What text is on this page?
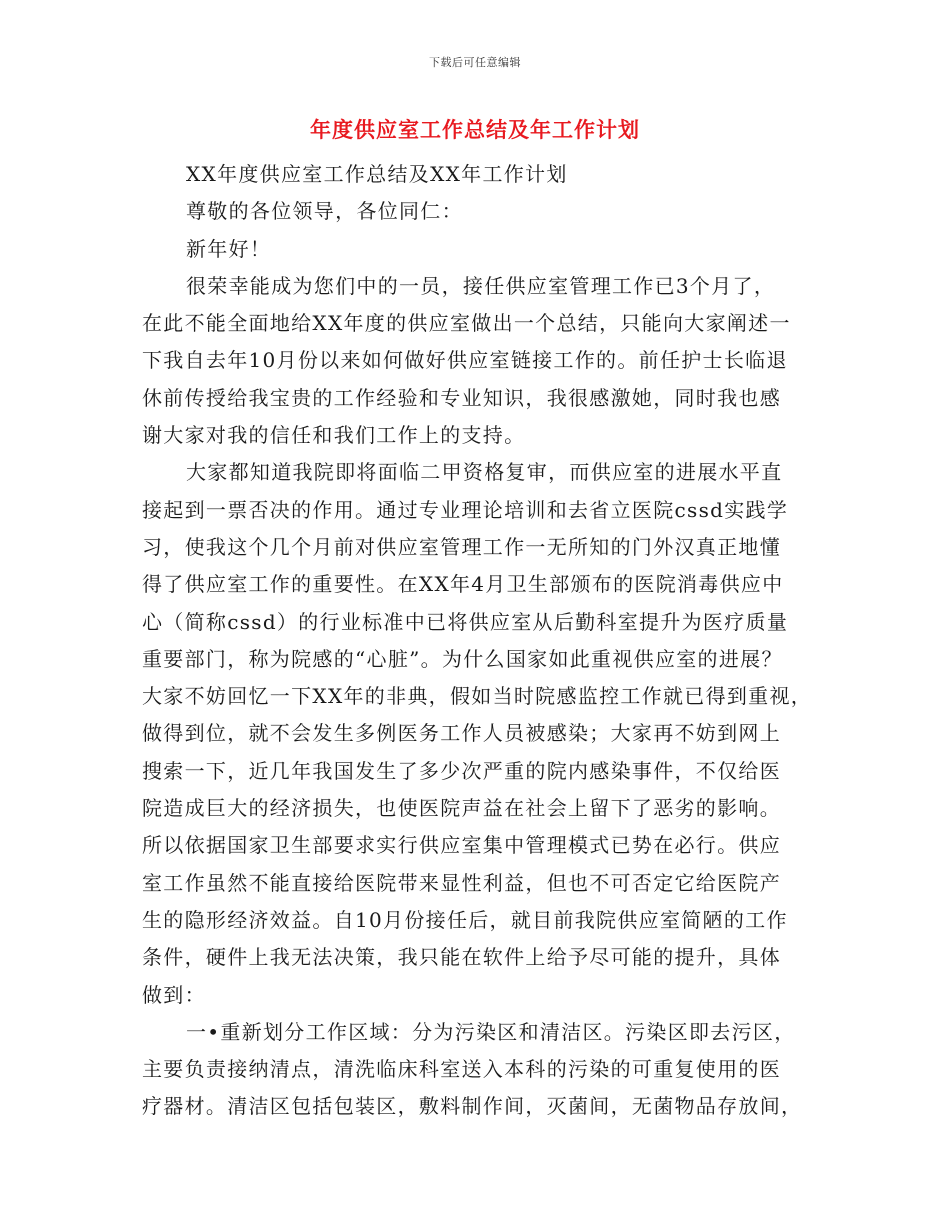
下载后可任意编辑
年度供应室工作总结及年工作计划

XX年度供应室工作总结及XX年工作计划

尊敬的各位领导，各位同仁：

新年好！

很荣幸能成为您们中的一员，接任供应室管理工作已3个月了，

在此不能全面地给XX年度的供应室做出一个总结，只能向大家阐述一

下我自去年10月份以来如何做好供应室链接工作的。前任护士长临退

休前传授给我宝贵的工作经验和专业知识，我很感激她，同时我也感

谢大家对我的信任和我们工作上的支持。

大家都知道我院即将面临二甲资格复审，而供应室的进展水平直

接起到一票否决的作用。通过专业理论培训和去省立医院cssd实践学

习，使我这个几个月前对供应室管理工作一无所知的门外汉真正地懂

得了供应室工作的重要性。在XX年4月卫生部颁布的医院消毒供应中

心（简称cssd）的行业标准中已将供应室从后勤科室提升为医疗质量

重要部门，称为院感的“心脏”。为什么国家如此重视供应室的进展？

大家不妨回忆一下XX年的非典，假如当时院感监控工作就已得到重视，

做得到位，就不会发生多例医务工作人员被感染；大家再不妨到网上

搜索一下，近几年我国发生了多少次严重的院内感染事件，不仅给医

院造成巨大的经济损失，也使医院声益在社会上留下了恶劣的影响。

所以依据国家卫生部要求实行供应室集中管理模式已势在必行。供应

室工作虽然不能直接给医院带来显性利益，但也不可否定它给医院产

生的隐形经济效益。自10月份接任后，就目前我院供应室简陋的工作

条件，硬件上我无法决策，我只能在软件上给予尽可能的提升，具体

做到：

一•重新划分工作区域：分为污染区和清洁区。污染区即去污区，

主要负责接纳清点，清洗临床科室送入本科的污染的可重复使用的医

疗器材。清洁区包括包装区，敷料制作间，灭菌间，无菌物品存放间，
